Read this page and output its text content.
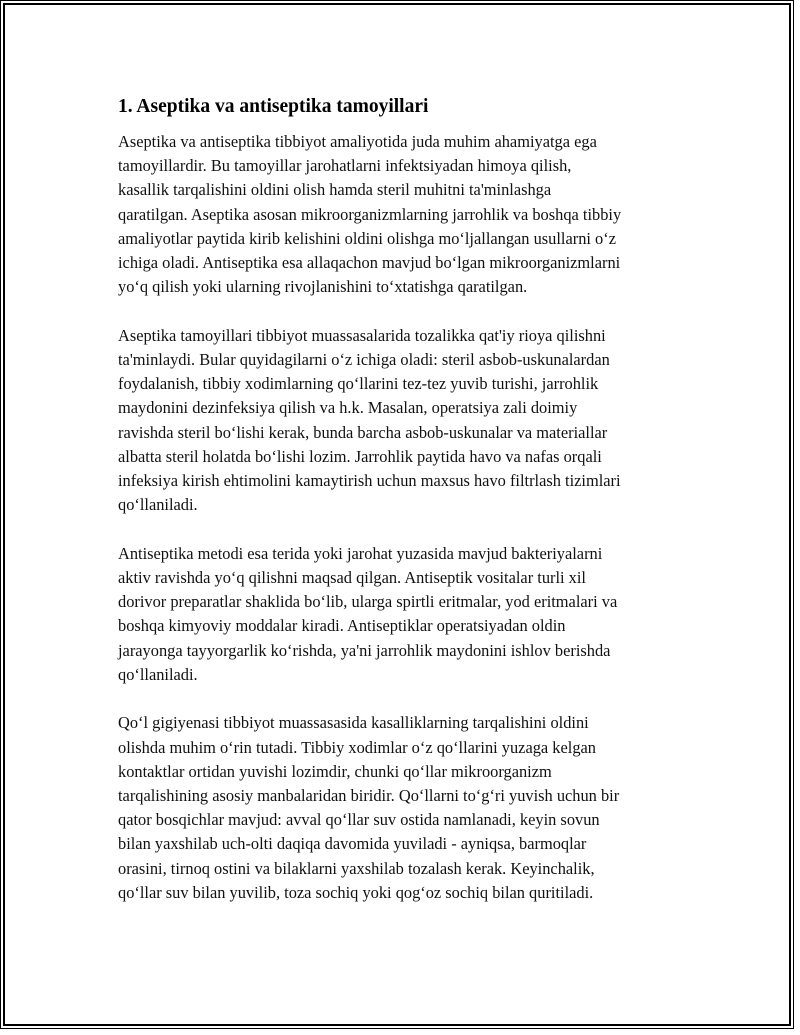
1. Aseptika va antiseptika tamoyillari

Aseptika va antiseptika tibbiyot amaliyotida juda muhim ahamiyatga ega
tamoyillardir. Bu tamoyillar jarohatlarni infektsiyadan himoya qilish,
kasallik tarqalishini oldini olish hamda steril muhitni ta'minlashga
qaratilgan. Aseptika asosan mikroorganizmlarning jarrohlik va boshqa tibbiy
amaliyotlar paytida kirib kelishini oldini olishga mo‘ljallangan usullarni o‘z
ichiga oladi. Antiseptika esa allaqachon mavjud bo‘lgan mikroorganizmlarni
yo‘q qilish yoki ularning rivojlanishini to‘xtatishga qaratilgan.

Aseptika tamoyillari tibbiyot muassasalarida tozalikka qat'iy rioya qilishni
ta'minlaydi. Bular quyidagilarni o‘z ichiga oladi: steril asbob-uskunalardan
foydalanish, tibbiy xodimlarning qo‘llarini tez-tez yuvib turishi, jarrohlik
maydonini dezinfeksiya qilish va h.k. Masalan, operatsiya zali doimiy
ravishda steril bo‘lishi kerak, bunda barcha asbob-uskunalar va materiallar
albatta steril holatda bo‘lishi lozim. Jarrohlik paytida havo va nafas orqali
infeksiya kirish ehtimolini kamaytirish uchun maxsus havo filtrlash tizimlari
qo‘llaniladi.

Antiseptika metodi esa terida yoki jarohat yuzasida mavjud bakteriyalarni
aktiv ravishda yo‘q qilishni maqsad qilgan. Antiseptik vositalar turli xil
dorivor preparatlar shaklida bo‘lib, ularga spirtli eritmalar, yod eritmalari va
boshqa kimyoviy moddalar kiradi. Antiseptiklar operatsiyadan oldin
jarayonga tayyorgarlik ko‘rishda, ya'ni jarrohlik maydonini ishlov berishda
qo‘llaniladi.

Qo‘l gigiyenasi tibbiyot muassasasida kasalliklarning tarqalishini oldini
olishda muhim o‘rin tutadi. Tibbiy xodimlar o‘z qo‘llarini yuzaga kelgan
kontaktlar ortidan yuvishi lozimdir, chunki qo‘llar mikroorganizm
tarqalishining asosiy manbalaridan biridir. Qo‘llarni to‘g‘ri yuvish uchun bir
qator bosqichlar mavjud: avval qo‘llar suv ostida namlanadi, keyin sovun
bilan yaxshilab uch-olti daqiqa davomida yuviladi - ayniqsa, barmoqlar
orasini, tirnoq ostini va bilaklarni yaxshilab tozalash kerak. Keyinchalik,
qo‘llar suv bilan yuvilib, toza sochiq yoki qog‘oz sochiq bilan quritiladi.
